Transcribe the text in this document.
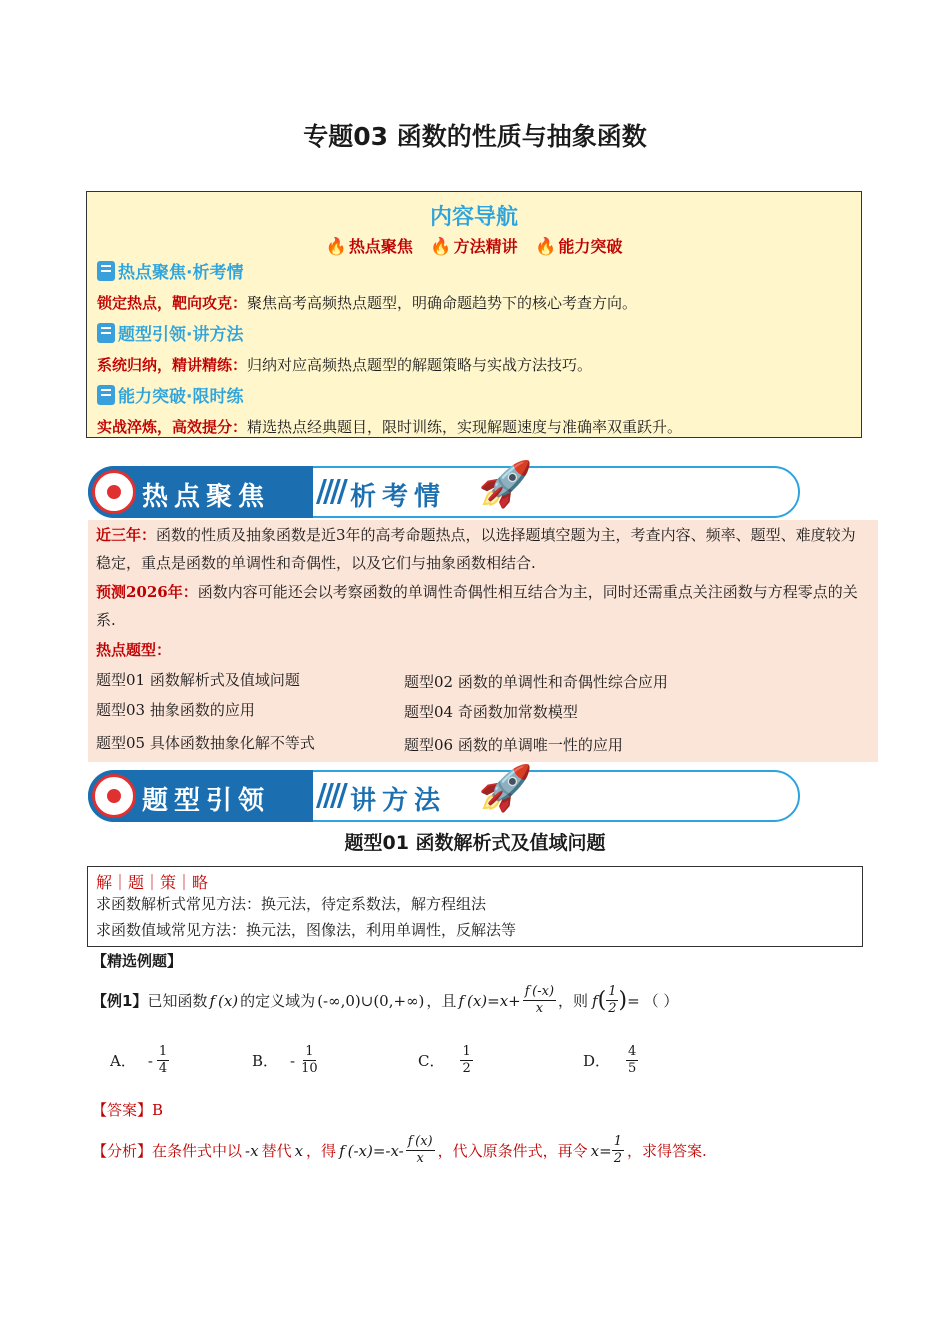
专题03 函数的性质与抽象函数
内容导航
🔥 热点聚焦 🔥 方法精讲 🔥 能力突破
热点聚焦·析考情
锁定热点，靶向攻克：聚焦高考高频热点题型，明确命题趋势下的核心考查方向。
题型引领·讲方法
系统归纳，精讲精练：归纳对应高频热点题型的解题策略与实战方法技巧。
能力突破·限时练
实战淬炼，高效提分：精选热点经典题目，限时训练，实现解题速度与准确率双重跃升。
热点聚焦 //// 析考情 🚀
近三年：函数的性质及抽象函数是近3年的高考命题热点，以选择题填空题为主，考查内容、频率、题型、难度较为稳定，重点是函数的单调性和奇偶性，以及它们与抽象函数相结合.
预测2026年：函数内容可能还会以考察函数的单调性奇偶性相互结合为主，同时还需重点关注函数与方程零点的关系.
热点题型：
题型01 函数解析式及值域问题	题型02 函数的单调性和奇偶性综合应用
题型03 抽象函数的应用	题型04 奇函数加常数模型
题型05 具体函数抽象化解不等式	题型06 函数的单调唯一性的应用
题型引领 //// 讲方法 🚀
题型01 函数解析式及值域问题
解｜题｜策｜略
求函数解析式常见方法：换元法，待定系数法，解方程组法
求函数值域常见方法：换元法，图像法，利用单调性，反解法等
【精选例题】
【例1】 已知函数 f (x) 的定义域为 (-∞,0)∪(0,+∞) ，且 f $(x)=x+ \frac{f (-x)}{x}$ ，则 f ( $\frac{1}{2}$ ) = （ ）
A． - $\frac{1}{4}$	B． - $\frac{1}{10}$	C． $\frac{1}{2}$	D． $\frac{4}{5}$
【答案】B
【分析】 在条件式中以 -x 替代 x ，得 f $(-x)=-x- \frac{f (x)}{x}$ ，代入原条件式，再令 $x= \frac{1}{2}$ ，求得答案.
